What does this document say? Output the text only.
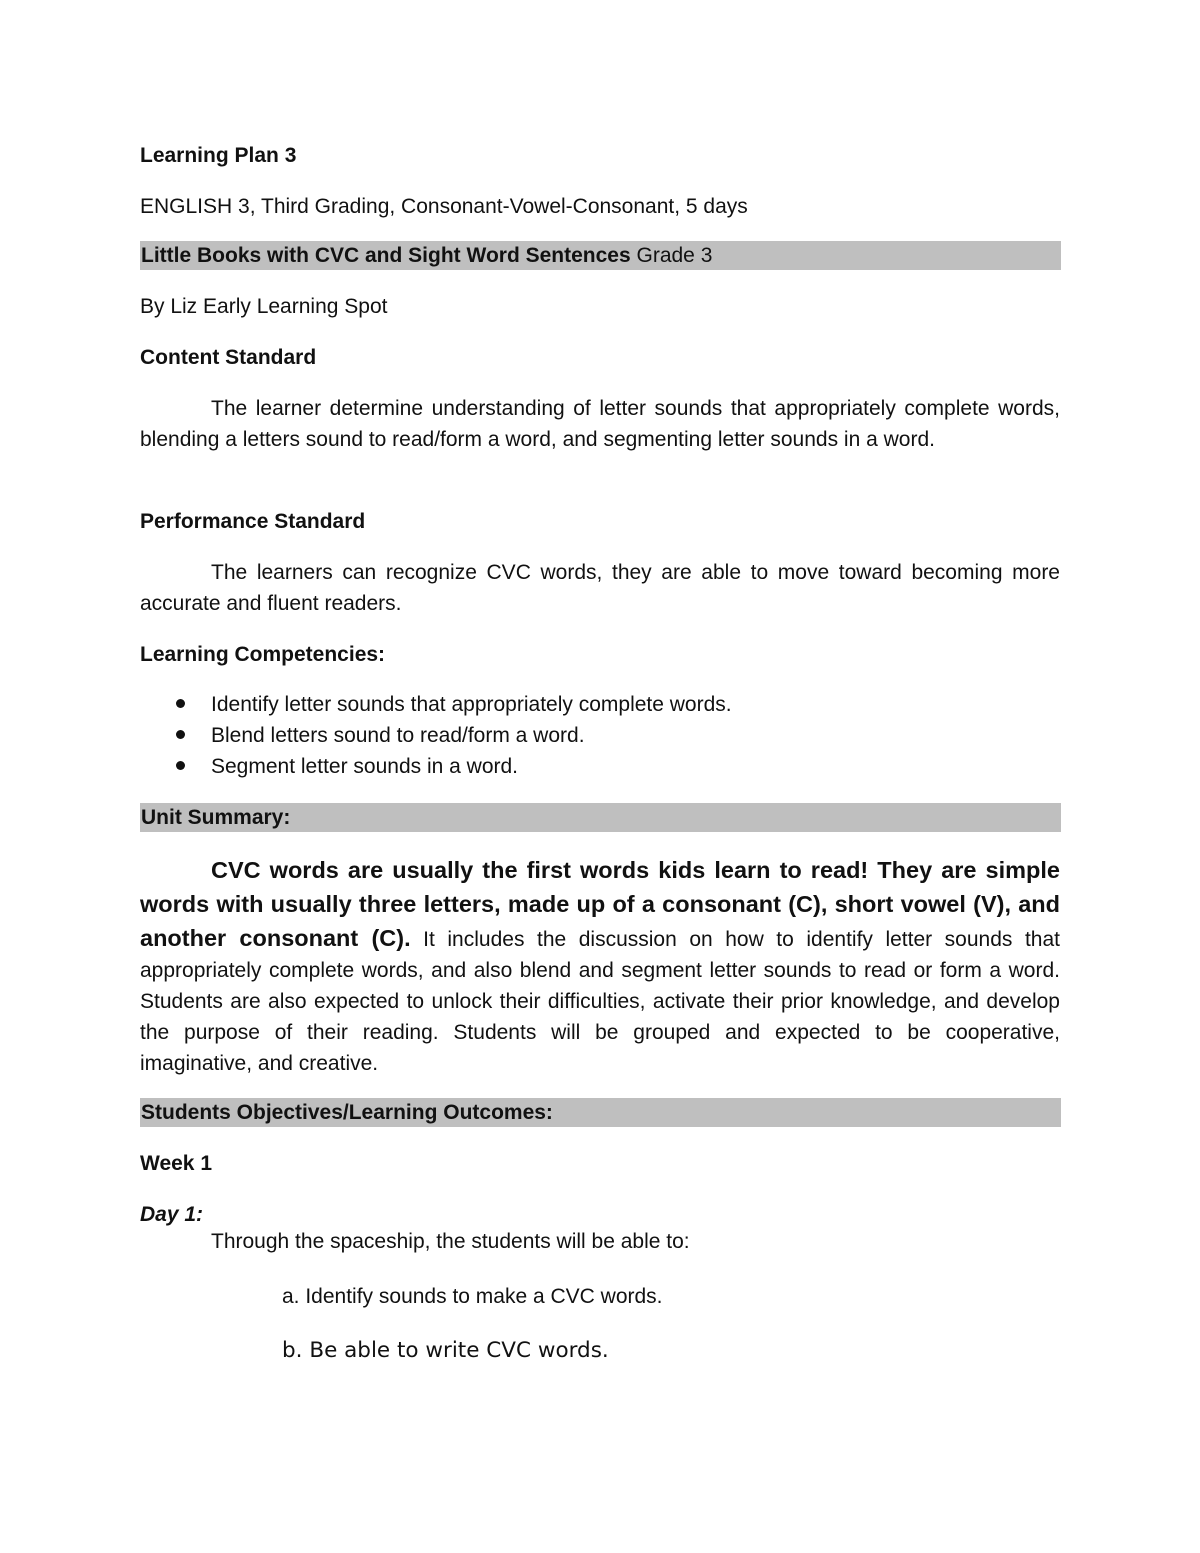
Learning Plan 3

ENGLISH 3, Third Grading, Consonant-Vowel-Consonant, 5 days

Little Books with CVC and Sight Word Sentences Grade 3

By Liz Early Learning Spot

Content Standard

The learner determine understanding of letter sounds that appropriately complete words, blending a letters sound to read/form a word, and segmenting letter sounds in a word.

Performance Standard

The learners can recognize CVC words, they are able to move toward becoming more accurate and fluent readers.

Learning Competencies:

Identify letter sounds that appropriately complete words.
Blend letters sound to read/form a word.
Segment letter sounds in a word.
Unit Summary:

CVC words are usually the first words kids learn to read! They are simple words with usually three letters, made up of a consonant (C), short vowel (V), and another consonant (C). It includes the discussion on how to identify letter sounds that appropriately complete words, and also blend and segment letter sounds to read or form a word. Students are also expected to unlock their difficulties, activate their prior knowledge, and develop the purpose of their reading. Students will be grouped and expected to be cooperative, imaginative, and creative.

Students Objectives/Learning Outcomes:

Week 1

Day 1:

Through the spaceship, the students will be able to:

a. Identify sounds to make a CVC words.

b. Be able to write CVC words.
